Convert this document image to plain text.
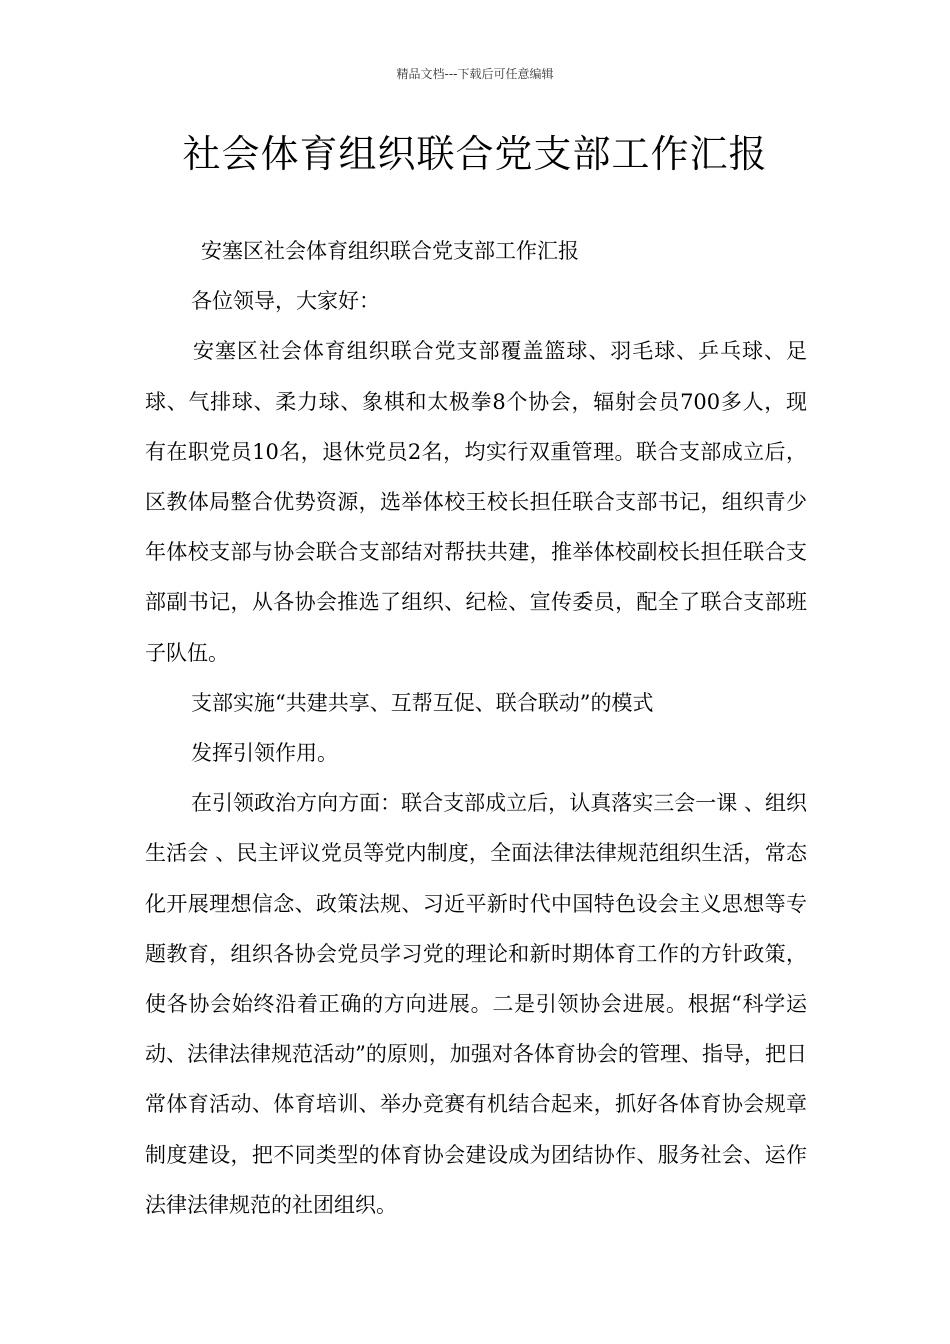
精品文档---下载后可任意编辑
社会体育组织联合党支部工作汇报

安塞区社会体育组织联合党支部工作汇报

各位领导，大家好：

安塞区社会体育组织联合党支部覆盖篮球、羽毛球、乒乓球、足球、气排球、柔力球、象棋和太极拳8个协会，辐射会员700多人，现有在职党员10名，退休党员2名，均实行双重管理。联合支部成立后，区教体局整合优势资源，选举体校王校长担任联合支部书记，组织青少年体校支部与协会联合支部结对帮扶共建，推举体校副校长担任联合支部副书记，从各协会推选了组织、纪检、宣传委员，配全了联合支部班子队伍。

支部实施“共建共享、互帮互促、联合联动”的模式

发挥引领作用。

在引领政治方向方面：联合支部成立后，认真落实三会一课 、组织生活会 、民主评议党员等党内制度，全面法律法律规范组织生活，常态化开展理想信念、政策法规、习近平新时代中国特色设会主义思想等专题教育，组织各协会党员学习党的理论和新时期体育工作的方针政策，使各协会始终沿着正确的方向进展。二是引领协会进展。根据“科学运动、法律法律规范活动”的原则，加强对各体育协会的管理、指导，把日常体育活动、体育培训、举办竞赛有机结合起来，抓好各体育协会规章制度建设，把不同类型的体育协会建设成为团结协作、服务社会、运作法律法律规范的社团组织。
